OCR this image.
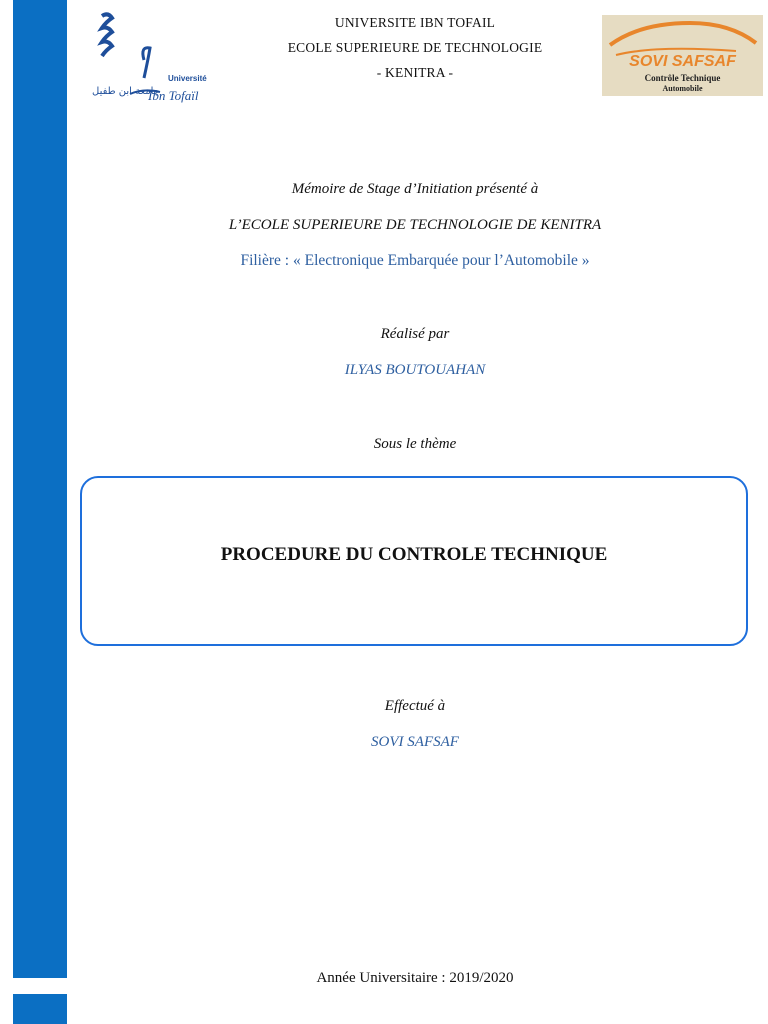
Université
جامعة ابن طفيل
Ibn Tofaïl
SOVI SAFSAF
Contrôle Technique
Automobile
UNIVERSITE IBN TOFAIL
ECOLE SUPERIEURE DE TECHNOLOGIE
- KENITRA -
Mémoire de Stage d’Initiation présenté à
L’ECOLE SUPERIEURE DE TECHNOLOGIE DE KENITRA
Filière : « Electronique Embarquée pour l’Automobile »
Réalisé par
ILYAS BOUTOUAHAN
Sous le thème
PROCEDURE DU CONTROLE TECHNIQUE
Effectué à
SOVI SAFSAF
Année Universitaire : 2019/2020
